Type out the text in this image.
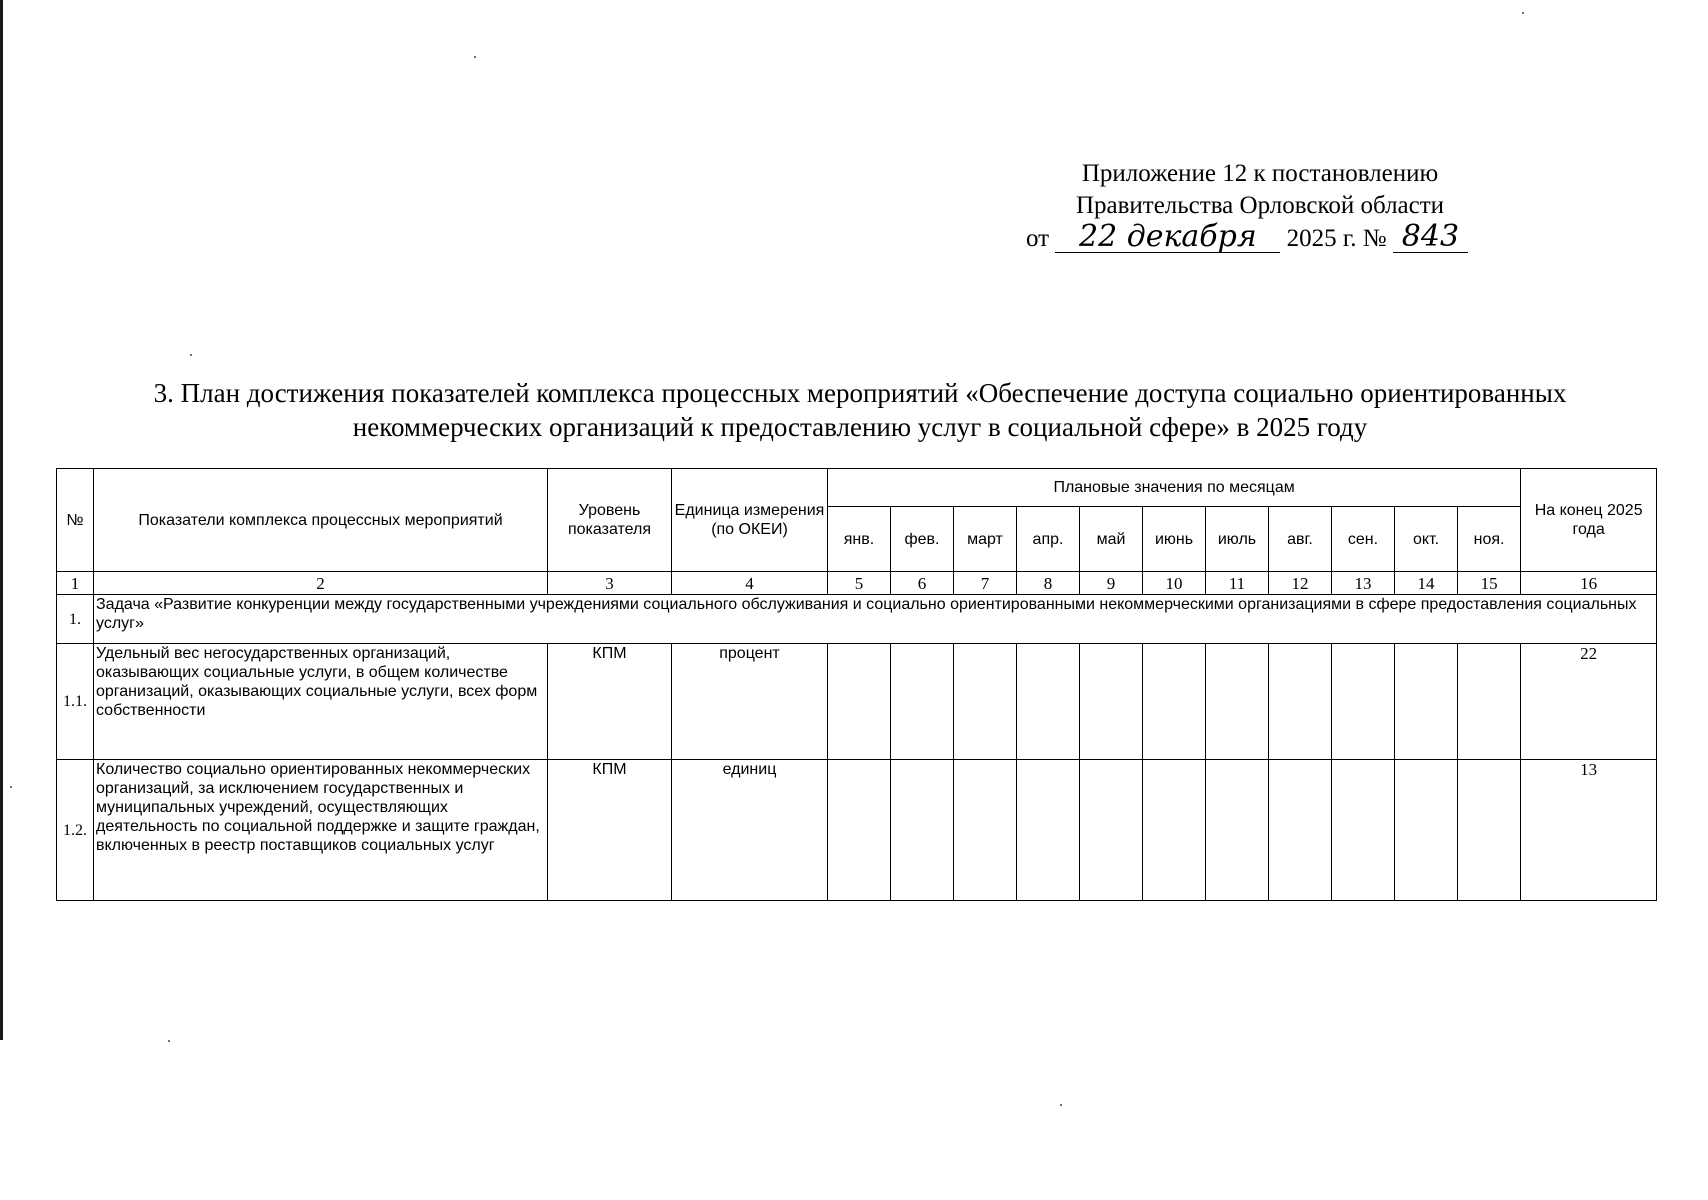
Приложение 12 к постановлению
Правительства Орловской области
от 22 декабря 2025 г. № 843
3. План достижения показателей комплекса процессных мероприятий «Обеспечение доступа социально ориентированных
некоммерческих организаций к предоставлению услуг в социальной сфере» в 2025 году
№	Показатели комплекса процессных мероприятий	Уровень показателя	Единица измерения (по ОКЕИ)	Плановые значения по месяцам											На конец 2025 года
				янв.	фев.	март	апр.	май	июнь	июль	авг.	сен.	окт.	ноя.	
1	2	3	4	5	6	7	8	9	10	11	12	13	14	15	16
1.	Задача «Развитие конкуренции между государственными учреждениями социального обслуживания и социально ориентированными некоммерческими организациями в сфере предоставления социальных услуг»														
1.1.	Удельный вес негосударственных организаций, оказывающих социальные услуги, в общем количестве организаций, оказывающих социальные услуги, всех форм собственности	КПМ	процент												22
1.2.	Количество социально ориентированных некоммерческих организаций, за исключением государственных и муниципальных учреждений, осуществляющих деятельность по социальной поддержке и защите граждан, включенных в реестр поставщиков социальных услуг	КПМ	единиц												13
